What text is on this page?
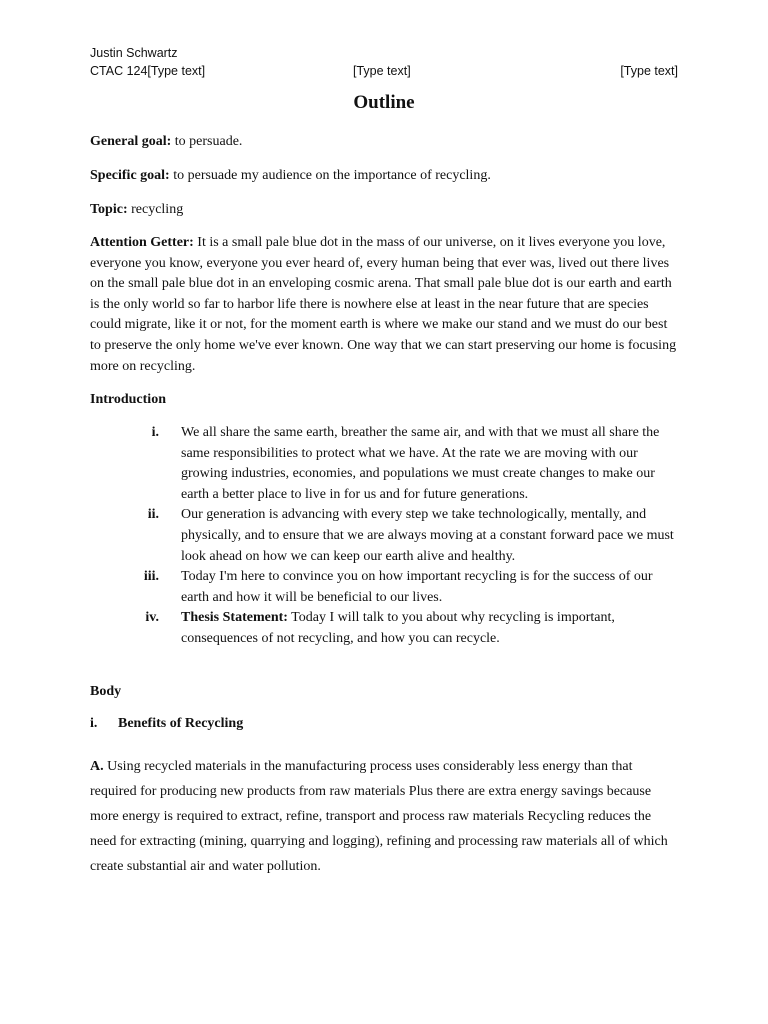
Justin Schwartz
CTAC 124[Type text]	[Type text]	[Type text]
Outline
General goal: to persuade.
Specific goal: to persuade my audience on the importance of recycling.
Topic: recycling
Attention Getter: It is a small pale blue dot in the mass of our universe, on it lives everyone you love, everyone you know, everyone you ever heard of, every human being that ever was, lived out there lives on the small pale blue dot in an enveloping cosmic arena. That small pale blue dot is our earth and earth is the only world so far to harbor life there is nowhere else at least in the near future that are species could migrate, like it or not, for the moment earth is where we make our stand and we must do our best to preserve the only home we've ever known. One way that we can start preserving our home is focusing more on recycling.
Introduction
i. We all share the same earth, breather the same air, and with that we must all share the same responsibilities to protect what we have. At the rate we are moving with our growing industries, economies, and populations we must create changes to make our earth a better place to live in for us and for future generations.
ii. Our generation is advancing with every step we take technologically, mentally, and physically, and to ensure that we are always moving at a constant forward pace we must look ahead on how we can keep our earth alive and healthy.
iii. Today I'm here to convince you on how important recycling is for the success of our earth and how it will be beneficial to our lives.
iv. Thesis Statement: Today I will talk to you about why recycling is important, consequences of not recycling, and how you can recycle.
Body
i. Benefits of Recycling
A. Using recycled materials in the manufacturing process uses considerably less energy than that required for producing new products from raw materials Plus there are extra energy savings because more energy is required to extract, refine, transport and process raw materials Recycling reduces the need for extracting (mining, quarrying and logging), refining and processing raw materials all of which create substantial air and water pollution.
